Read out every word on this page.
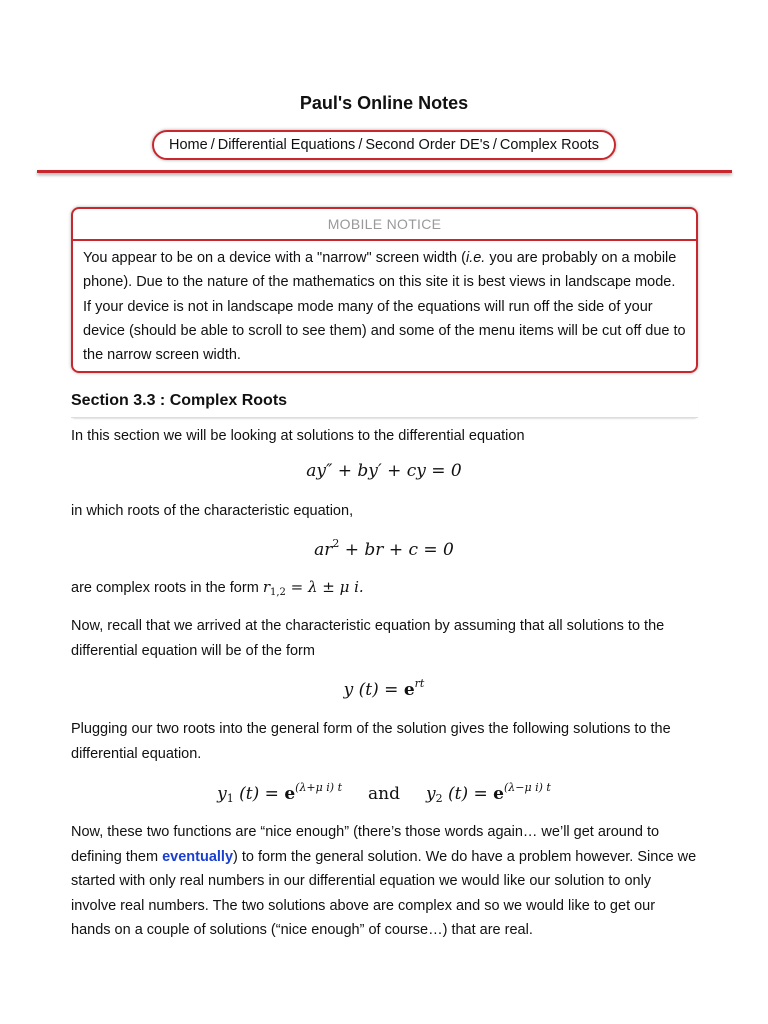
Paul's Online Notes
Home / Differential Equations / Second Order DE's / Complex Roots
MOBILE NOTICE
You appear to be on a device with a "narrow" screen width (i.e. you are probably on a mobile phone). Due to the nature of the mathematics on this site it is best views in landscape mode. If your device is not in landscape mode many of the equations will run off the side of your device (should be able to scroll to see them) and some of the menu items will be cut off due to the narrow screen width.
Section 3.3 : Complex Roots

In this section we will be looking at solutions to the differential equation

ay″ + by′ + cy = 0

in which roots of the characteristic equation,

$ar^2$ + br + c = 0

are complex roots in the form $r_{1,2} = \lambda \pm \mu$ i.

Now, recall that we arrived at the characteristic equation by assuming that all solutions to the differential equation will be of the form

y $(t) = e^{rt}$

Plugging our two roots into the general form of the solution gives the following solutions to the differential equation.

$y_1$ $(t) = e^{(\lambda+\mu i) t}$ and $y_2$ $(t) = e^{(\lambda-\mu i) t}$

Now, these two functions are “nice enough” (there’s those words again… we’ll get around to defining them eventually) to form the general solution. We do have a problem however. Since we started with only real numbers in our differential equation we would like our solution to only involve real numbers. The two solutions above are complex and so we would like to get our hands on a couple of solutions (“nice enough” of course…) that are real.
